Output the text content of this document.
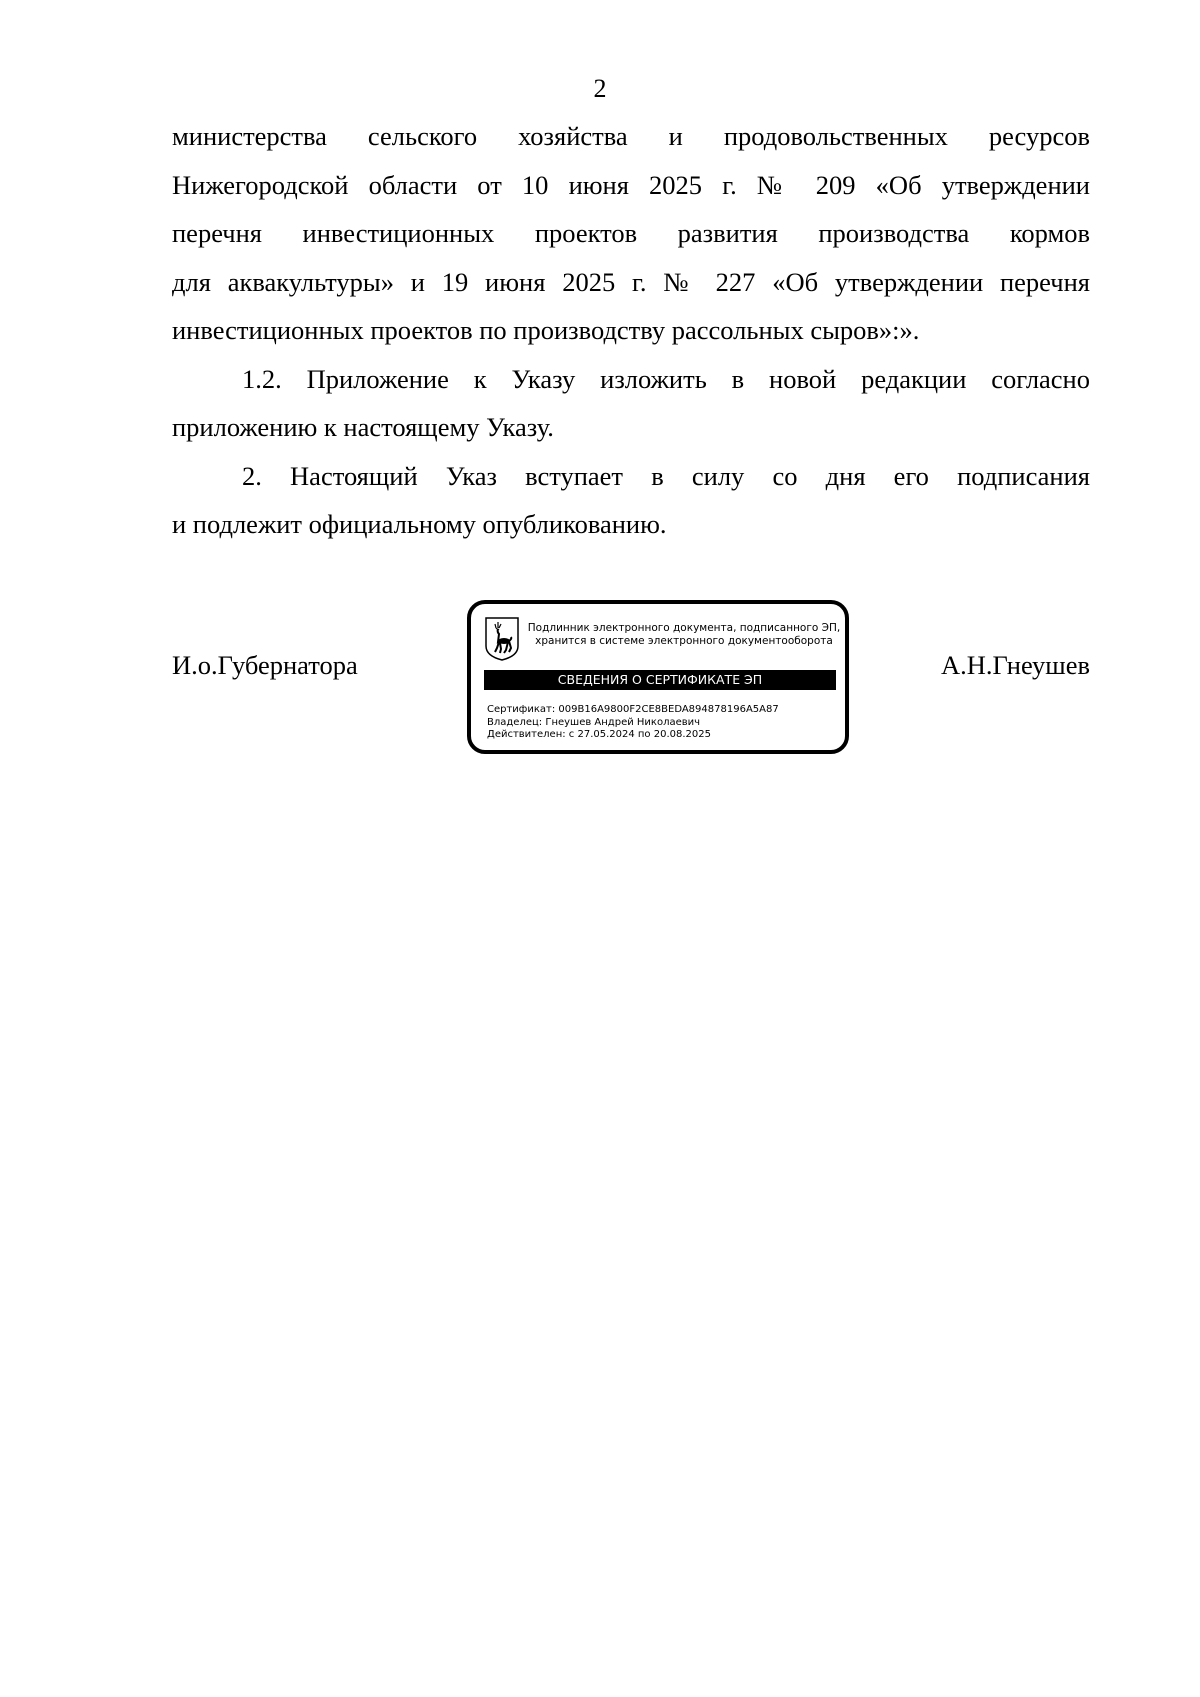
2
министерства сельского хозяйства и продовольственных ресурсов
Нижегородской области от 10 июня 2025 г. № 209 «Об утверждении
перечня инвестиционных проектов развития производства кормов
для аквакультуры» и 19 июня 2025 г. № 227 «Об утверждении перечня
инвестиционных проектов по производству рассольных сыров»:».
1.2. Приложение к Указу изложить в новой редакции согласно
приложению к настоящему Указу.
2. Настоящий Указ вступает в силу со дня его подписания
и подлежит официальному опубликованию.
И.о.Губернатора	А.Н.Гнеушев
Подлинник электронного документа, подписанного ЭП,
хранится в системе электронного документооборота
СВЕДЕНИЯ О СЕРТИФИКАТЕ ЭП
Сертификат: 009B16A9800F2CE8BEDA894878196A5A87
Владелец: Гнеушев Андрей Николаевич
Действителен: с 27.05.2024 по 20.08.2025
